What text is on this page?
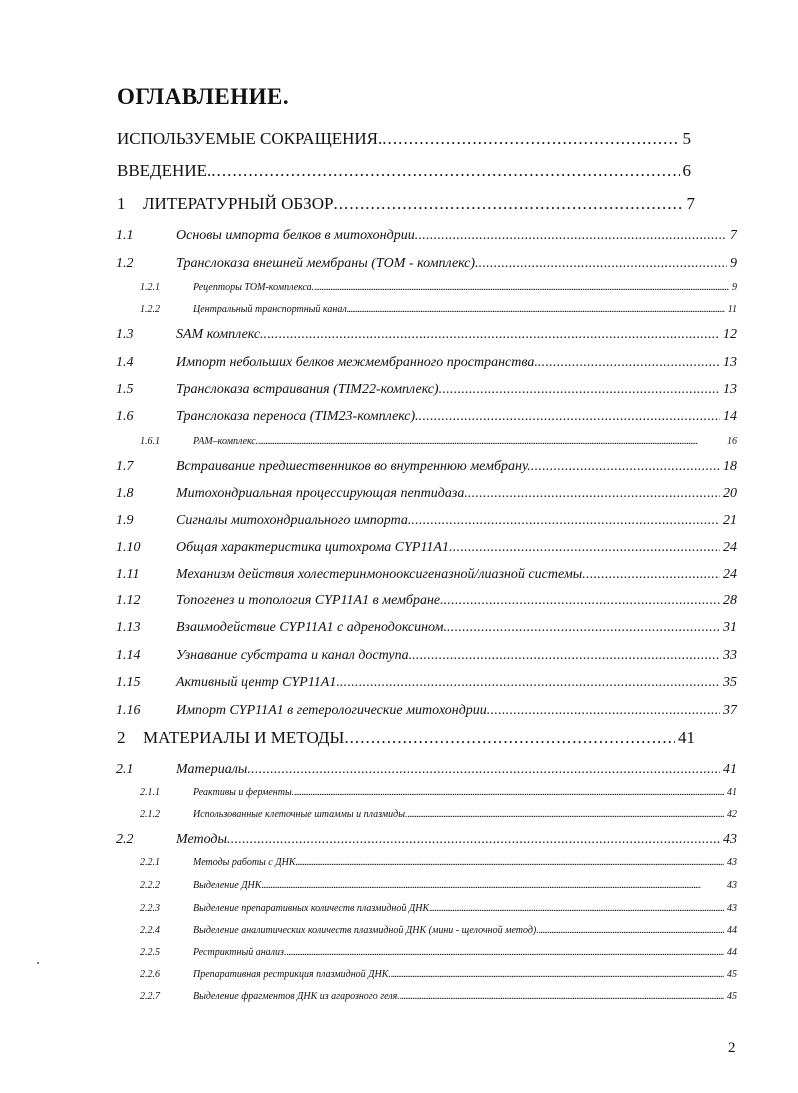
ОГЛАВЛЕНИЕ.
ИСПОЛЬЗУЕМЫЕ СОКРАЩЕНИЯ. . . .	5
ВВЕДЕНИЕ. . . .	6
1	ЛИТЕРАТУРНЫЙ ОБЗОР . . .	7
1.1	Основы импорта белков в митохондрии . . .	7
1.2	Транслоказа внешней мембраны (ТОМ - комплекс). . . .	9
1.2.1	Рецепторы ТОМ-комплекса. . . .	9
1.2.2	Центральный транспортный канал . . .	11
1.3	SAM комплекс. . . .	12
1.4	Импорт небольших белков межмембранного пространства. . . .	13
1.5	Транслоказа встраивания (ТIM22-комплекс) . . .	13
1.6	Транслоказа переноса (ТIM23-комплекс). . . .	14
1.6.1	РАМ–комплекс. . . .	16
1.7	Встраивание предшественников во внутреннюю мембрану. . . .	18
1.8	Митохондриальная процессирующая пептидаза. . . .	20
1.9	Сигналы митохондриального импорта. . . .	21
1.10	Общая характеристика цитохрома CYP11A1 . . .	24
1.11	Механизм действия холестеринмонооксигеназной/лиазной системы . . .	24
1.12	Топогенез и топология CYP11A1 в мембране. . . .	28
1.13	Взаимодействие CYP11A1 с адренодоксином. . . .	31
1.14	Узнавание субстрата и канал доступа. . . .	33
1.15	Активный центр CYP11A1. . . .	35
1.16	Импорт CYP11A1 в гетерологические митохондрии . . .	37
2	МАТЕРИАЛЫ И МЕТОДЫ . . .	41
2.1	Материалы . . .	41
2.1.1	Реактивы и ферменты. . . .	41
2.1.2	Использованные клеточные штаммы и плазмиды. . . .	42
2.2	Методы . . .	43
2.2.1	Методы работы с ДНК . . .	43
2.2.2	Выделение ДНК . . .	43
2.2.3	Выделение препаративных количеств плазмидной ДНК . . .	43
2.2.4	Выделение аналитических количеств плазмидной ДНК (мини - щелочной метод). . . .	44
2.2.5	Рестриктный анализ. . . .	44
2.2.6	Препаративная рестрикция плазмидной ДНК. . . .	45
2.2.7	Выделение фрагментов ДНК из агарозного геля. . . .	45
2
